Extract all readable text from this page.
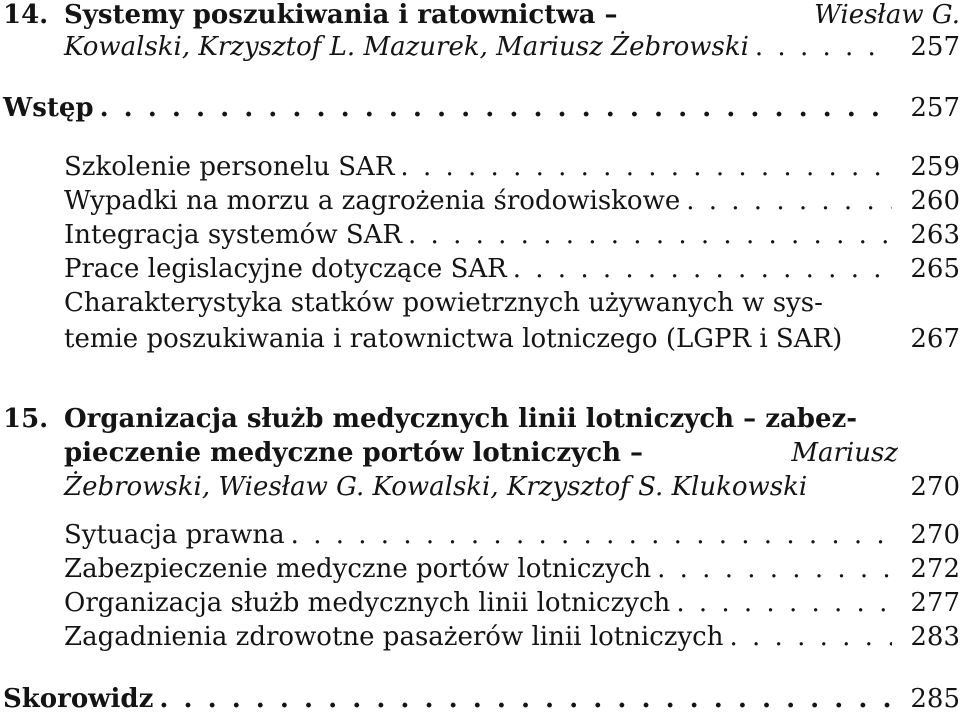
14. Systemy poszukiwania i ratownictwa –	Wiesław G.
Kowalski, Krzysztof L. Mazurek, Mariusz Żebrowski . . .	257
Wstęp . . .	257
Szkolenie personelu SAR . . .	259
Wypadki na morzu a zagrożenia środowiskowe . . .	260
Integracja systemów SAR . . .	263
Prace legislacyjne dotyczące SAR . . .	265
Charakterystyka statków powietrznych używanych w sys-
temie poszukiwania i ratownictwa lotniczego (LGPR i SAR)	267
15. Organizacja służb medycznych linii lotniczych – zabez-
pieczenie medyczne portów lotniczych –	Mariusz
Żebrowski, Wiesław G. Kowalski, Krzysztof S. Klukowski	270
Sytuacja prawna . . .	270
Zabezpieczenie medyczne portów lotniczych . . .	272
Organizacja służb medycznych linii lotniczych . . .	277
Zagadnienia zdrowotne pasażerów linii lotniczych . . .	283
Skorowidz . . .	285
